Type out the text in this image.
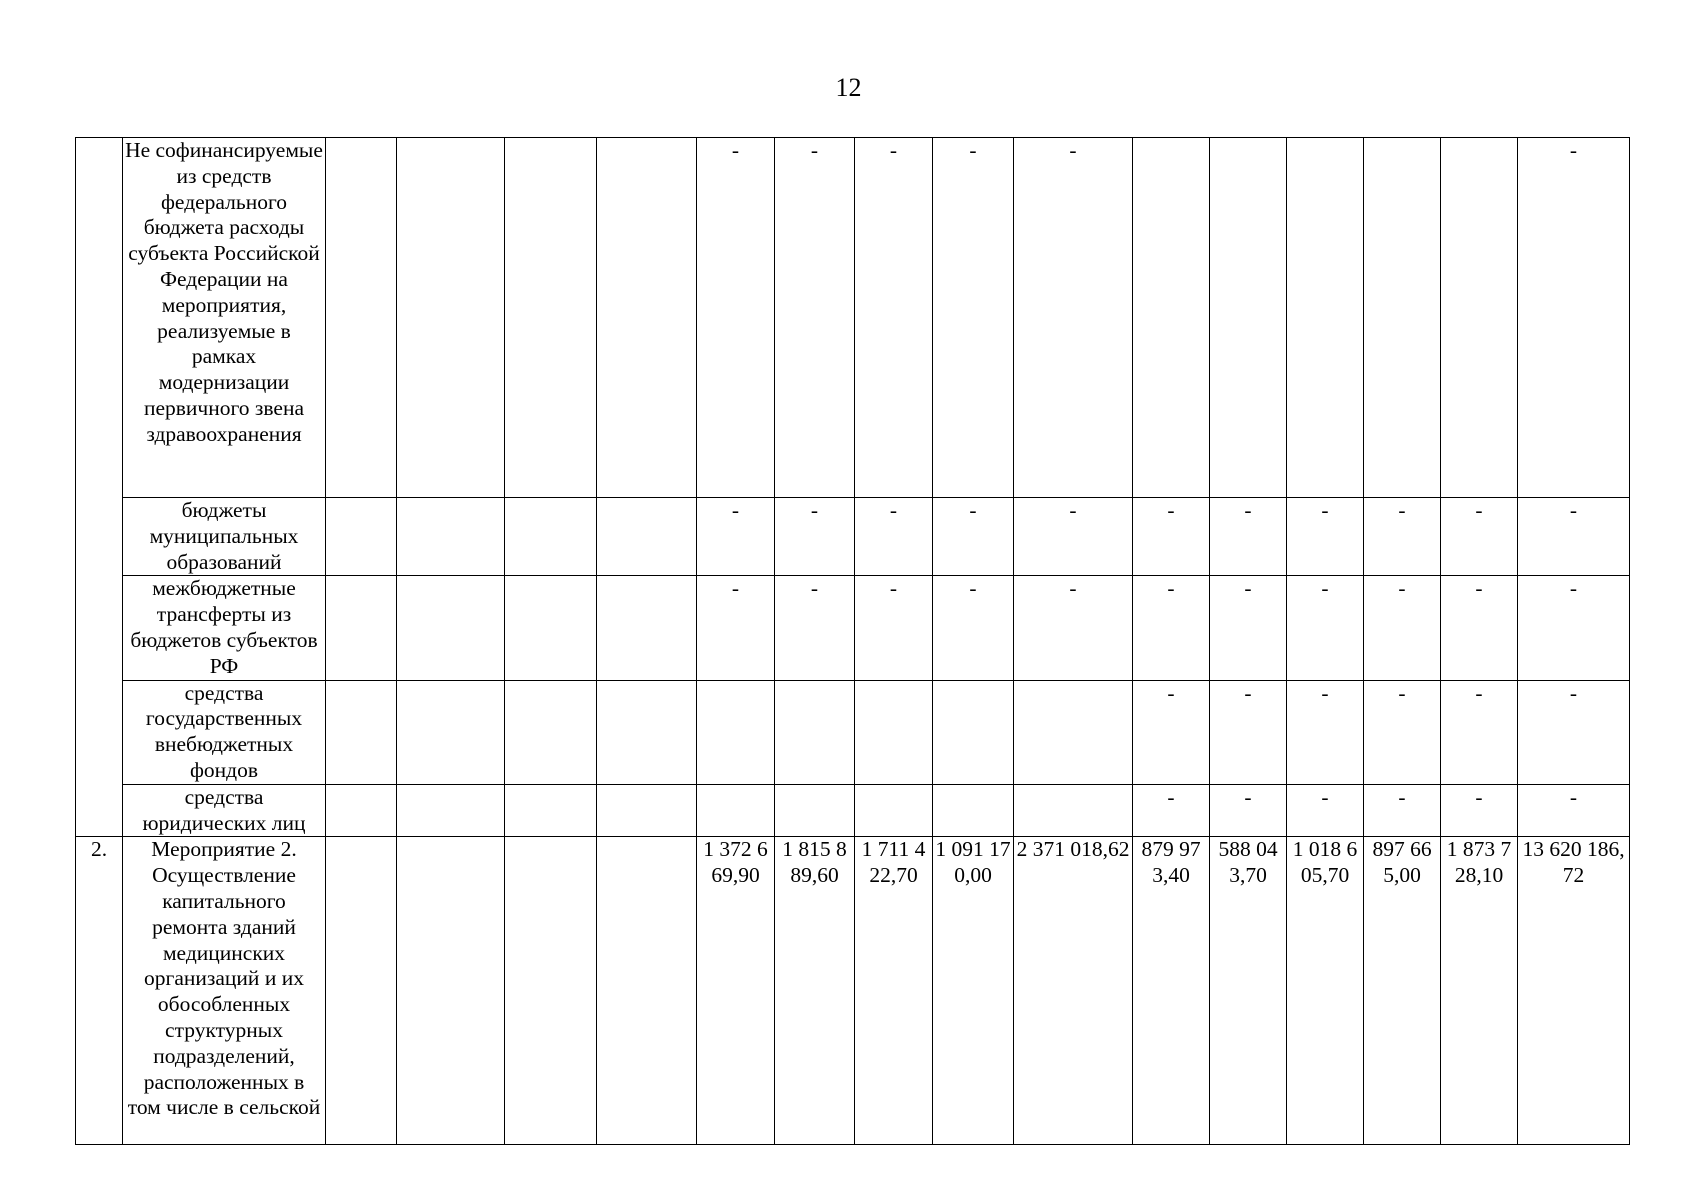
12
	Не софинансируемые из средств федерального бюджета расходы субъекта Российской Федерации на мероприятия, реализуемые в рамках модернизации первичного звена здравоохранения					-	-	-	-	-						-
	бюджеты муниципальных образований					-	-	-	-	-	-	-	-	-	-	-
	межбюджетные трансферты из бюджетов субъектов РФ					-	-	-	-	-	-	-	-	-	-	-
	средства государственных внебюджетных фондов										-	-	-	-	-	-
	средства юридических лиц										-	-	-	-	-	-
2.	Мероприятие 2. Осуществление капитального ремонта зданий медицинских организаций и их обособленных структурных подразделений, расположенных в том числе в сельской					1 372 669,90	1 815 889,60	1 711 422,70	1 091 170,00	2 371 018,62	879 973,40	588 043,70	1 018 605,70	897 665,00	1 873 728,10	13 620 186,72
